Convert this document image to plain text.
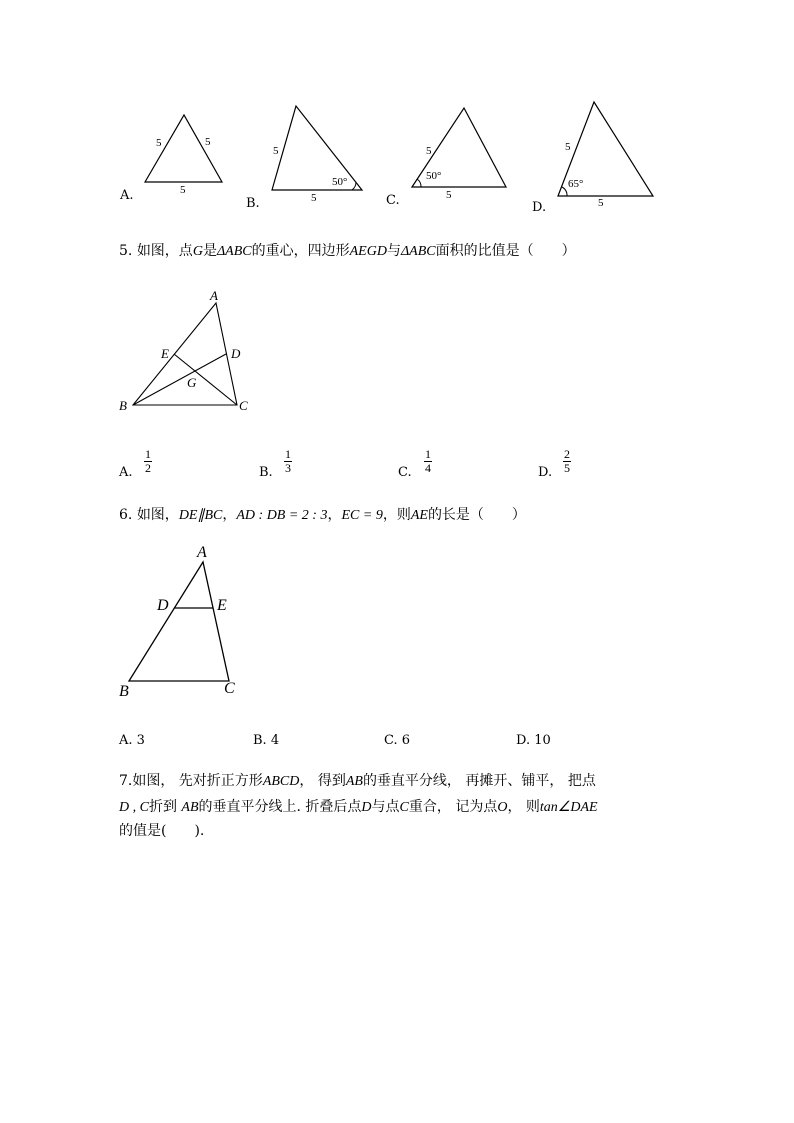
5	5
5
A.
5
50°
5
B.
5
50°
5
C.
5
65°
5
D.
5. 如图，点G是ΔABC的重心，四边形AEGD与ΔABC面积的比值是（　　）
A
E	D
G
B	C
A.
1
2	B.
1
3	C.
1
4	D.
2
5
6. 如图，DE∥BC，AD : DB = 2 : 3，EC = 9，则AE的长是（　　）
A
D	E
B	C
A. 3	B. 4	C. 6	D. 10
7.如图， 先对折正方形ABCD， 得到AB的垂直平分线， 再摊开、铺平， 把点
D , C折到 AB的垂直平分线上. 折叠后点D与点C重合， 记为点O， 则tan∠DAE
的值是(　　).
